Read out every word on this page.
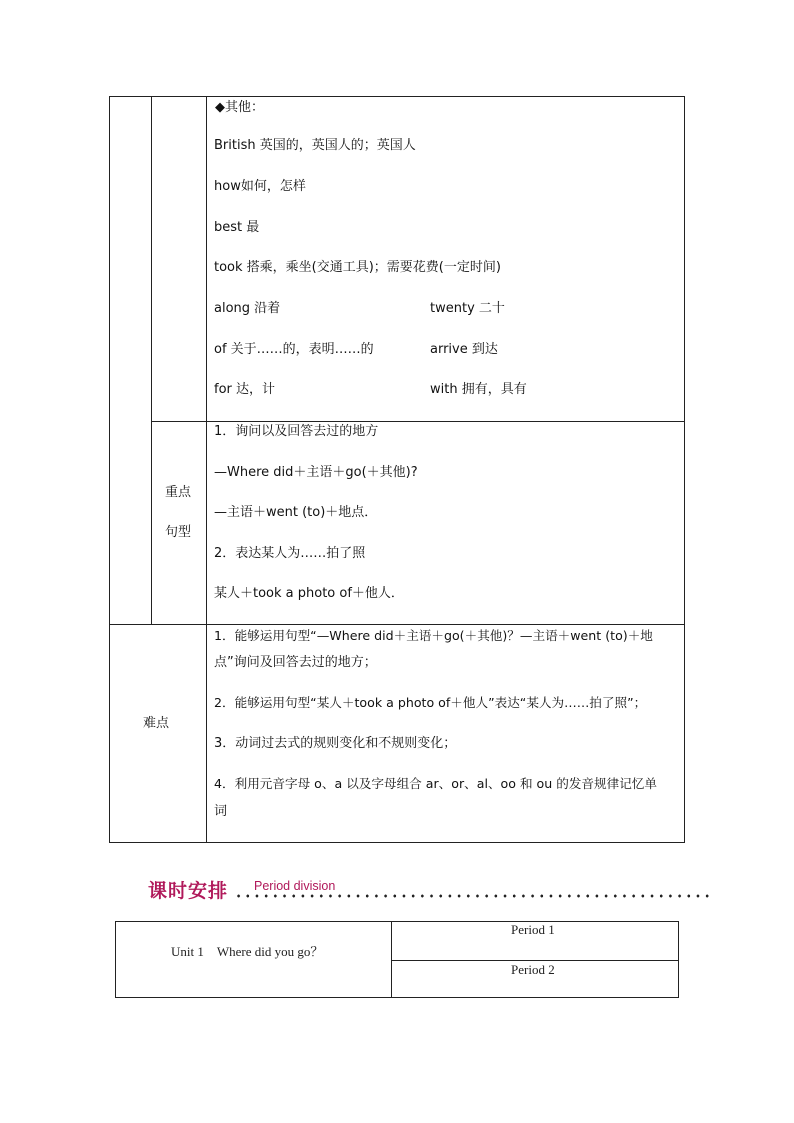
◆其他：
British 英国的，英国人的；英国人
how如何，怎样
best 最
took 搭乘，乘坐(交通工具)；需要花费(一定时间)
along 沿着	twenty 二十
of 关于……的，表明……的	arrive 到达
for 达，计	with 拥有，具有
重点
句型
1．询问以及回答去过的地方
—Where did＋主语＋go(＋其他)?
—主语＋went (to)＋地点．
2．表达某人为……拍了照
某人＋took a photo of＋他人．
难点
1．能够运用句型“—Where did＋主语＋go(＋其他)？—主语＋went (to)＋地
点”询问及回答去过的地方；
2．能够运用句型“某人＋took a photo of＋他人”表达“某人为……拍了照”；
3．动词过去式的规则变化和不规则变化；
4．利用元音字母 o、a 以及字母组合 ar、or、al、oo 和 ou 的发音规律记忆单
词
课时安排 Period division
Unit 1　Where did you go？
Period 1
Period 2
